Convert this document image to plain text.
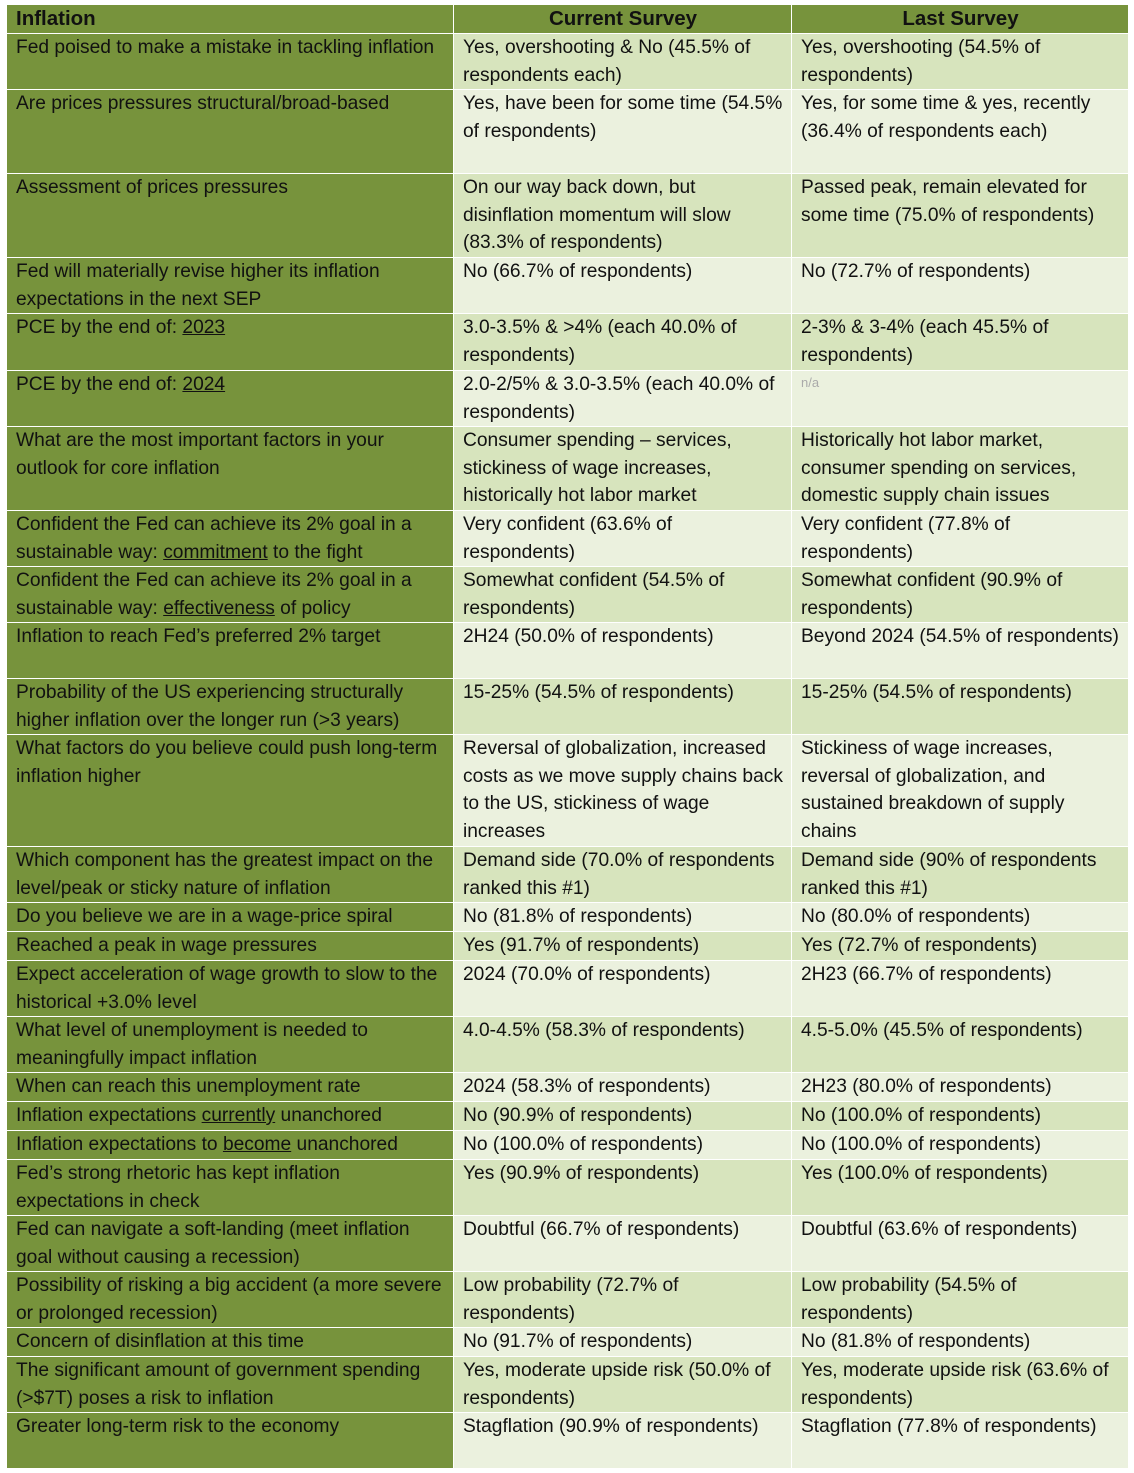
Inflation	Current Survey	Last Survey
Fed poised to make a mistake in tackling inflation	Yes, overshooting & No (45.5% of respondents each)	Yes, overshooting (54.5% of respondents)
Are prices pressures structural/broad-based	Yes, have been for some time (54.5% of respondents)	Yes, for some time & yes, recently (36.4% of respondents each)
Assessment of prices pressures	On our way back down, but disinflation momentum will slow (83.3% of respondents)	Passed peak, remain elevated for some time (75.0% of respondents)
Fed will materially revise higher its inflation expectations in the next SEP	No (66.7% of respondents)	No (72.7% of respondents)
PCE by the end of: 2023	3.0-3.5% & >4% (each 40.0% of respondents)	2-3% & 3-4% (each 45.5% of respondents)
PCE by the end of: 2024	2.0-2/5% & 3.0-3.5% (each 40.0% of respondents)	n/a
What are the most important factors in your outlook for core inflation	Consumer spending – services, stickiness of wage increases, historically hot labor market	Historically hot labor market, consumer spending on services, domestic supply chain issues
Confident the Fed can achieve its 2% goal in a sustainable way: commitment to the fight	Very confident (63.6% of respondents)	Very confident (77.8% of respondents)
Confident the Fed can achieve its 2% goal in a sustainable way: effectiveness of policy	Somewhat confident (54.5% of respondents)	Somewhat confident (90.9% of respondents)
Inflation to reach Fed’s preferred 2% target	2H24 (50.0% of respondents)	Beyond 2024 (54.5% of respondents)
Probability of the US experiencing structurally higher inflation over the longer run (>3 years)	15-25% (54.5% of respondents)	15-25% (54.5% of respondents)
What factors do you believe could push long-term inflation higher	Reversal of globalization, increased costs as we move supply chains back to the US, stickiness of wage increases	Stickiness of wage increases, reversal of globalization, and sustained breakdown of supply chains
Which component has the greatest impact on the level/peak or sticky nature of inflation	Demand side (70.0% of respondents ranked this #1)	Demand side (90% of respondents ranked this #1)
Do you believe we are in a wage-price spiral	No (81.8% of respondents)	No (80.0% of respondents)
Reached a peak in wage pressures	Yes (91.7% of respondents)	Yes (72.7% of respondents)
Expect acceleration of wage growth to slow to the historical +3.0% level	2024 (70.0% of respondents)	2H23 (66.7% of respondents)
What level of unemployment is needed to meaningfully impact inflation	4.0-4.5% (58.3% of respondents)	4.5-5.0% (45.5% of respondents)
When can reach this unemployment rate	2024 (58.3% of respondents)	2H23 (80.0% of respondents)
Inflation expectations currently unanchored	No (90.9% of respondents)	No (100.0% of respondents)
Inflation expectations to become unanchored	No (100.0% of respondents)	No (100.0% of respondents)
Fed’s strong rhetoric has kept inflation expectations in check	Yes (90.9% of respondents)	Yes (100.0% of respondents)
Fed can navigate a soft-landing (meet inflation goal without causing a recession)	Doubtful (66.7% of respondents)	Doubtful (63.6% of respondents)
Possibility of risking a big accident (a more severe or prolonged recession)	Low probability (72.7% of respondents)	Low probability (54.5% of respondents)
Concern of disinflation at this time	No (91.7% of respondents)	No (81.8% of respondents)
The significant amount of government spending (>$7T) poses a risk to inflation	Yes, moderate upside risk (50.0% of respondents)	Yes, moderate upside risk (63.6% of respondents)
Greater long-term risk to the economy	Stagflation (90.9% of respondents)	Stagflation (77.8% of respondents)
